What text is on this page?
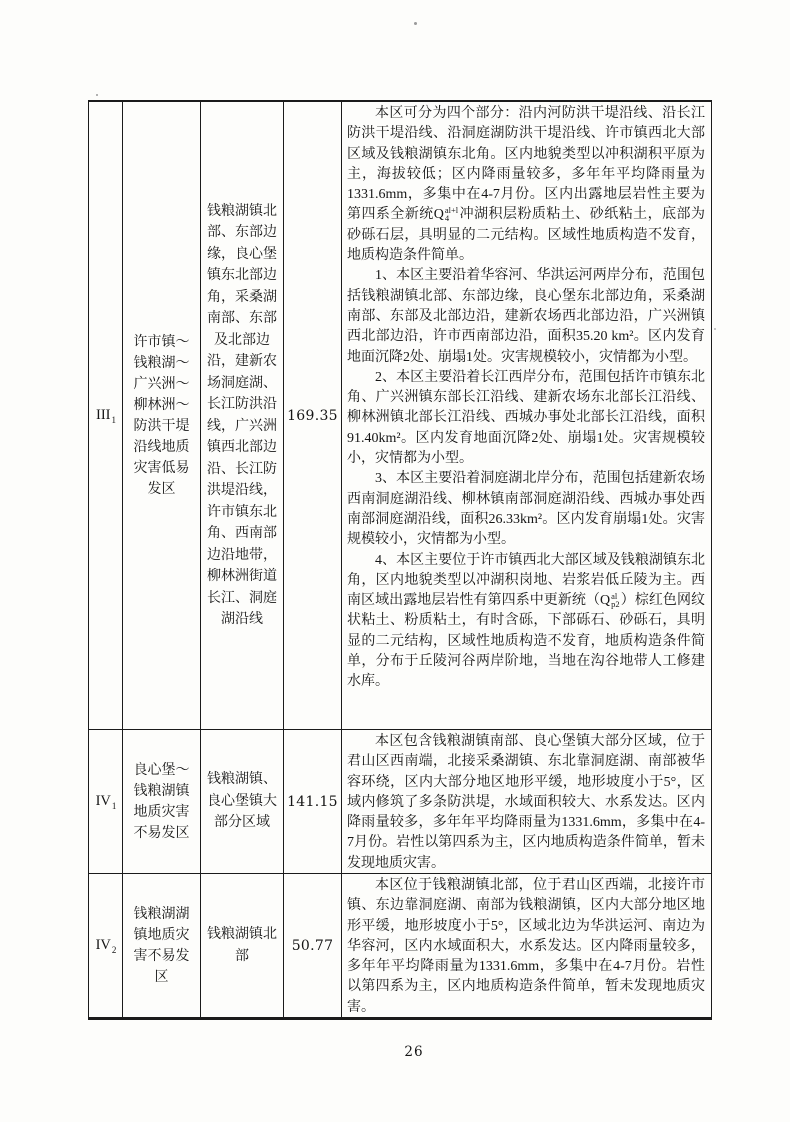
$III_1$
许市镇～钱粮湖～广兴洲～柳林洲～防洪干堤沿线地质灾害低易发区
钱粮湖镇北部、东部边缘，良心堡镇东北部边角，采桑湖南部、东部及北部边沿，建新农场洞庭湖、长江防洪沿线，广兴洲镇西北部边沿、长江防洪堤沿线，许市镇东北角、西南部边沿地带，柳林洲街道长江、洞庭湖沿线
169.35

本区可分为四个部分：沿内河防洪干堤沿线、沿长江防洪干堤沿线、沿洞庭湖防洪干堤沿线、许市镇西北大部区域及钱粮湖镇东北角。区内地貌类型以冲积湖积平原为主，海拔较低；区内降雨量较多，多年年平均降雨量为1331.6mm，多集中在4-7月份。区内出露地层岩性主要为第四系全新统Q al+l
4 冲湖积层粉质粘土、砂纸粘土，底部为砂砾石层，具明显的二元结构。区域性地质构造不发育，地质构造条件简单。

1、本区主要沿着华容河、华洪运河两岸分布，范围包括钱粮湖镇北部、东部边缘，良心堡东北部边角，采桑湖南部、东部及北部边沿，建新农场西北部边沿，广兴洲镇西北部边沿，许市西南部边沿，面积35.20 km²。区内发育地面沉降2处、崩塌1处。灾害规模较小，灾情都为小型。

2、本区主要沿着长江西岸分布，范围包括许市镇东北角、广兴洲镇东部长江沿线、建新农场东北部长江沿线、柳林洲镇北部长江沿线、西城办事处北部长江沿线，面积91.40km²。区内发育地面沉降2处、崩塌1处。灾害规模较小，灾情都为小型。

3、本区主要沿着洞庭湖北岸分布，范围包括建新农场西南洞庭湖沿线、柳林镇南部洞庭湖沿线、西城办事处西南部洞庭湖沿线，面积26.33km²。区内发育崩塌1处。灾害规模较小，灾情都为小型。

4、本区主要位于许市镇西北大部区域及钱粮湖镇东北角，区内地貌类型以冲湖积岗地、岩浆岩低丘陵为主。西南区域出露地层岩性有第四系中更新统（Q al
p2 ）棕红色网纹状粘土、粉质粘土，有时含砾，下部砾石、砂砾石，具明显的二元结构，区域性地质构造不发育，地质构造条件简单，分布于丘陵河谷两岸阶地，当地在沟谷地带人工修建水库。

$IV_1$
良心堡～钱粮湖镇地质灾害不易发区
钱粮湖镇、良心堡镇大部分区域
141.15

本区包含钱粮湖镇南部、良心堡镇大部分区域，位于君山区西南端，北接采桑湖镇、东北靠洞庭湖、南部被华容环绕，区内大部分地区地形平缓，地形坡度小于5°，区域内修筑了多条防洪堤，水域面积较大、水系发达。区内降雨量较多，多年年平均降雨量为1331.6mm，多集中在4-7月份。岩性以第四系为主，区内地质构造条件简单，暂未发现地质灾害。

$IV_2$
钱粮湖湖镇地质灾害不易发区
钱粮湖镇北部
50.77

本区位于钱粮湖镇北部，位于君山区西端，北接许市镇、东边靠洞庭湖、南部为钱粮湖镇，区内大部分地区地形平缓，地形坡度小于5°，区域北边为华洪运河、南边为华容河，区内水域面积大，水系发达。区内降雨量较多，多年年平均降雨量为1331.6mm，多集中在4-7月份。岩性以第四系为主，区内地质构造条件简单，暂未发现地质灾害。

26
